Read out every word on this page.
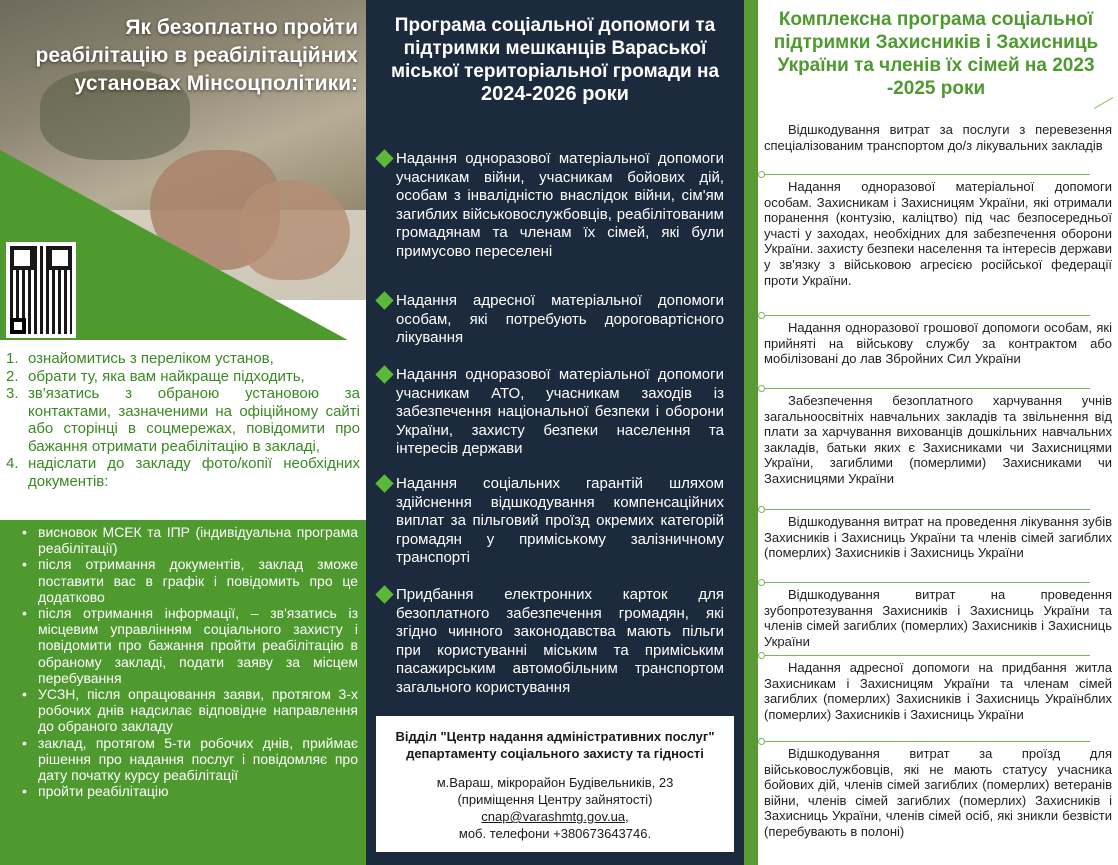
Як безоплатно пройти реабілітацію в реабілітаційних установах Мінсоцполітики:
1. ознайомитись з переліком установ,
2. обрати ту, яка вам найкраще підходить,
3. зв'язатись з обраною установою за контактами, зазначеними на офіційному сайті або сторінці в соцмережах, повідомити про бажання отримати реабілітацію в закладі,
4. надіслати до закладу фото/копії необхідних документів:
• висновок МСЕК та ІПР (індивідуальна програма реабілітації)
• після отримання документів, заклад зможе поставити вас в графік і повідомить про це додатково
• після отримання інформації, – зв'язатись із місцевим управлінням соціального захисту і повідомити про бажання пройти реабілітацію в обраному закладі, подати заяву за місцем перебування
• УСЗН, після опрацювання заяви, протягом 3-х робочих днів надсилає відповідне направлення до обраного закладу
• заклад, протягом 5-ти робочих днів, приймає рішення про надання послуг і повідомляє про дату початку курсу реабілітації
• пройти реабілітацію
Програма соціальної допомоги та підтримки мешканців Вараської міської територіальної громади на
2024-2026 роки
Надання одноразової матеріальної допомоги учасникам війни, учасникам бойових дій, особам з інвалідністю внаслідок війни, сім'ям загиблих військовослужбовців, реабілітованим громадянам та членам їх сімей, які були примусово переселені
Надання адресної матеріальної допомоги особам, які потребують дороговартісного лікування
Надання одноразової матеріальної допомоги учасникам АТО, учасникам заходів із забезпечення національної безпеки і оборони України, захисту безпеки населення та інтересів держави
Надання соціальних гарантій шляхом здійснення відшкодування компенсаційних виплат за пільговий проїзд окремих категорій громадян у приміському залізничному транспорті
Придбання електронних карток для безоплатного забезпечення громадян, які згідно чинного законодавства мають пільги при користуванні міським та приміським пасажирським автомобільним транспортом загального користування
Відділ "Центр надання адміністративних послуг" департаменту соціального захисту та гідності
м.Вараш, мікрорайон Будівельників, 23
(приміщення Центру зайнятості)
cnap@varashmtg.gov.ua,
моб. телефони +380673643746.
Комплексна програма соціальної підтримки Захисників і Захисниць України та членів їх сімей на 2023 -2025 роки
Відшкодування витрат за послуги з перевезення спеціалізованим транспортом до/з лікувальних закладів
Надання одноразової матеріальної допомоги особам. Захисникам і Захисницям України, які отримали поранення (контузію, каліцтво) під час безпосередньої участі у заходах, необхідних для забезпечення оборони України. захисту безпеки населення та інтересів держави у зв'язку з військовою агресією російської федерації проти України.
Надання одноразової грошової допомоги особам, які прийняті на військову службу за контрактом або мобілізовані до лав Збройних Сил України
Забезпечення безоплатного харчування учнів загальноосвітніх навчальних закладів та звільнення від плати за харчування вихованців дошкільних навчальних закладів, батьки яких є Захисниками чи Захисницями України, загиблими (померлими) Захисниками чи Захисницями України
Відшкодування витрат на проведення лікування зубів Захисників і Захисниць України та членів сімей загиблих (померлих) Захисників і Захисниць України
Відшкодування витрат на проведення зубопротезування Захисників і Захисниць України та членів сімей загиблих (померлих) Захисників і Захисниць України
Надання адресної допомоги на придбання житла Захисникам і Захисницям України та членам сімей загиблих (померлих) Захисників і Захисниць Українблих (померлих) Захисників і Захисниць України
Відшкодування витрат за проїзд для військовослужбовців, які не мають статусу учасника бойових дій, членів сімей загиблих (померлих) ветеранів війни, членів сімей загиблих (померлих) Захисників і Захисниць України, членів сімей осіб, які зникли безвісти (перебувають в полоні)
